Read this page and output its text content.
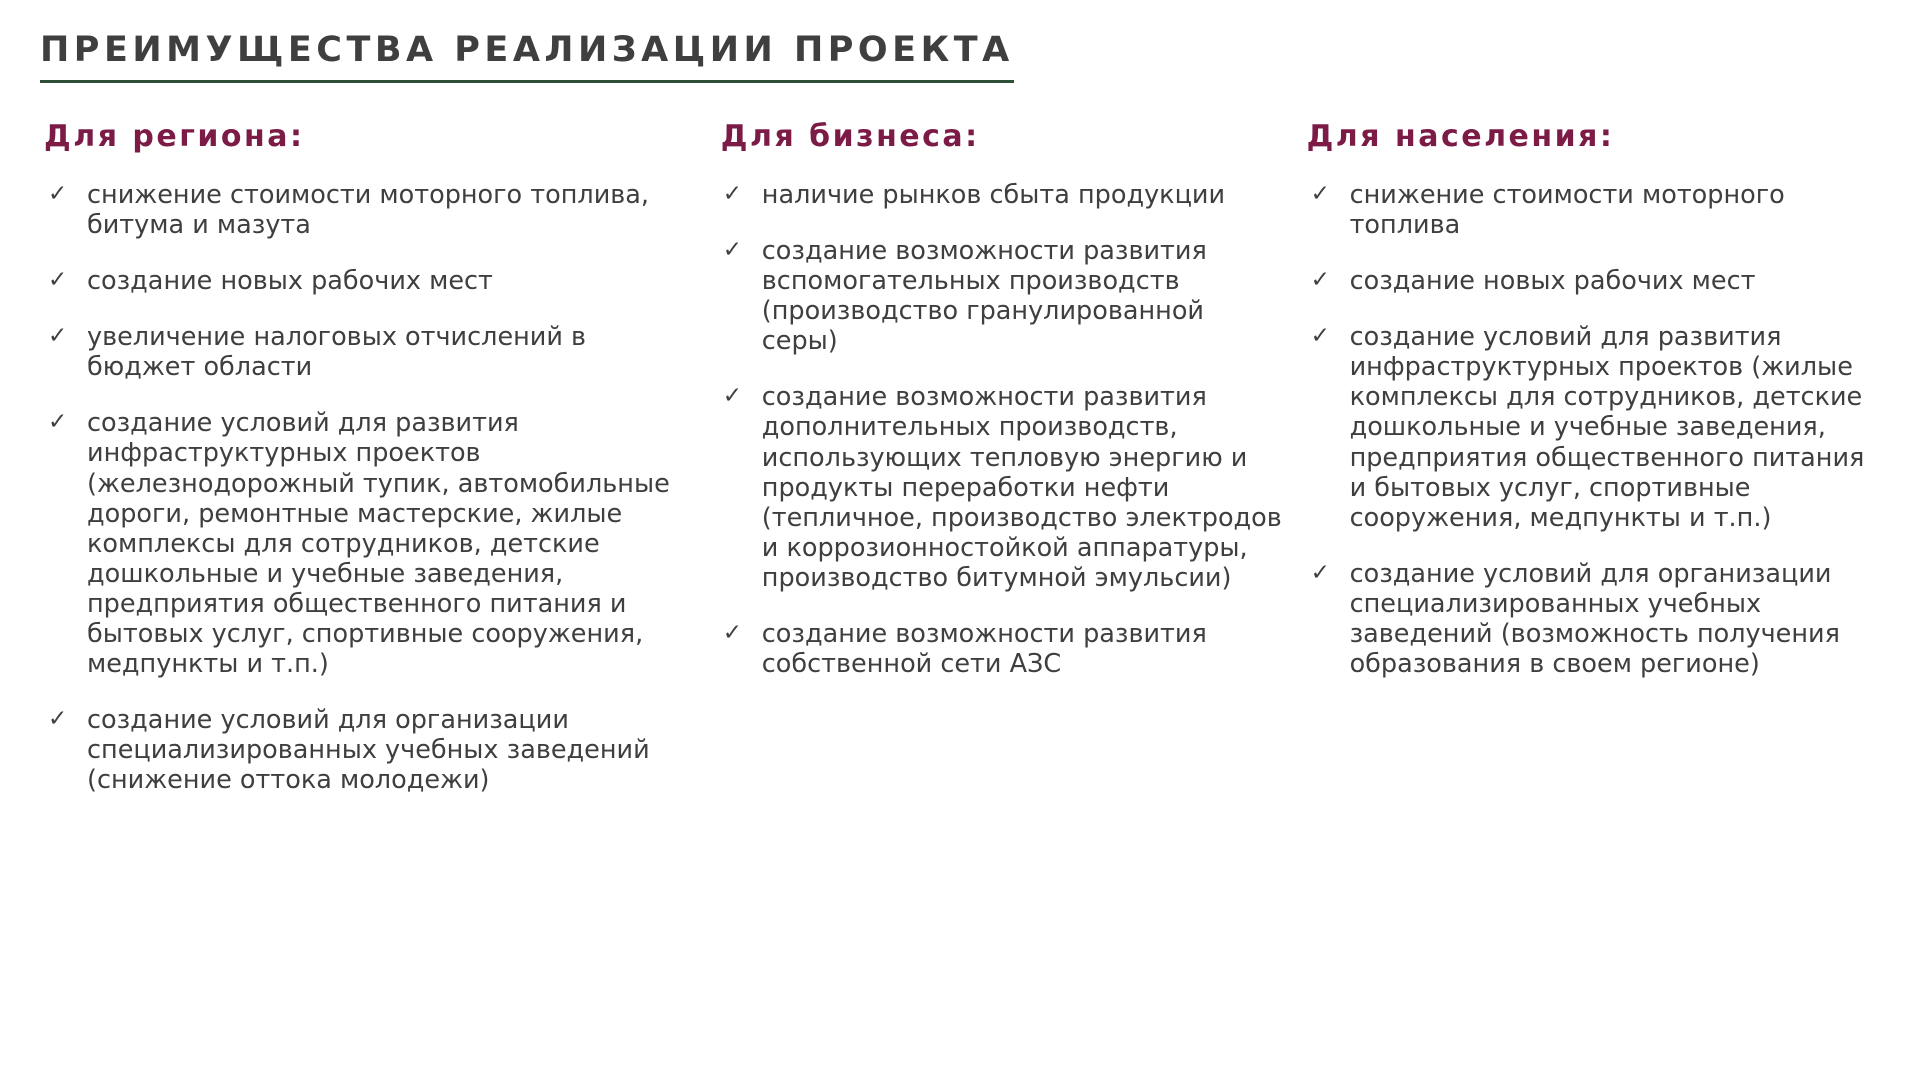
ПРЕИМУЩЕСТВА РЕАЛИЗАЦИИ ПРОЕКТА
Для региона:
✓ снижение стоимости моторного топлива, битума и мазута
✓ создание новых рабочих мест
✓ увеличение налоговых отчислений в бюджет области
✓ создание условий для развития инфраструктурных проектов (железнодорожный тупик, автомобильные дороги, ремонтные мастерские, жилые комплексы для сотрудников, детские дошкольные и учебные заведения, предприятия общественного питания и бытовых услуг, спортивные сооружения, медпункты и т.п.)
✓ создание условий для организации специализированных учебных заведений (снижение оттока молодежи)
Для бизнеса:
✓ наличие рынков сбыта продукции
✓ создание возможности развития вспомогательных производств (производство гранулированной серы)
✓ создание возможности развития дополнительных производств, использующих тепловую энергию и продукты переработки нефти (тепличное, производство электродов и коррозионностойкой аппаратуры, производство битумной эмульсии)
✓ создание возможности развития собственной сети АЗС
Для населения:
✓ снижение стоимости моторного топлива
✓ создание новых рабочих мест
✓ создание условий для развития инфраструктурных проектов (жилые комплексы для сотрудников, детские дошкольные и учебные заведения, предприятия общественного питания и бытовых услуг, спортивные сооружения, медпункты и т.п.)
✓ создание условий для организации специализированных учебных заведений (возможность получения образования в своем регионе)
